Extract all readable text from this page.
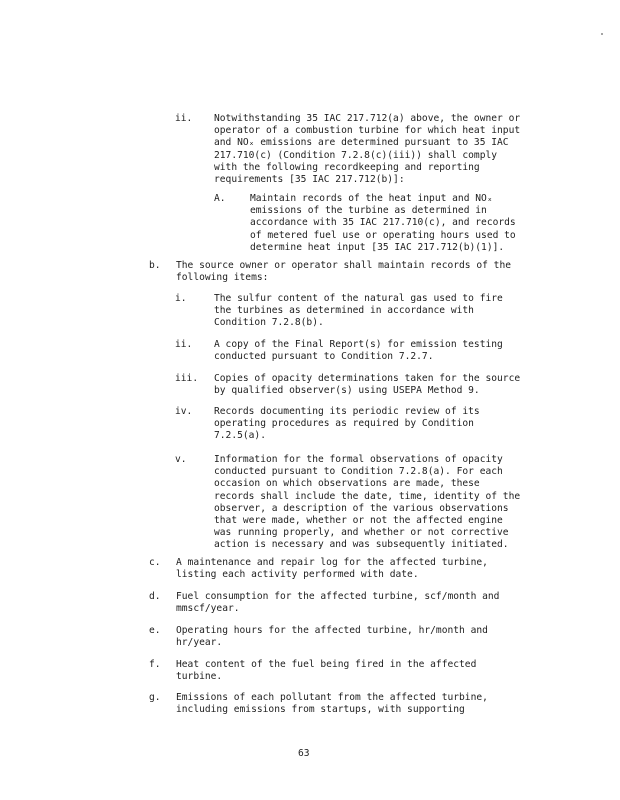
ii. Notwithstanding 35 IAC 217.712(a) above, the owner or
operator of a combustion turbine for which heat input
and NOₓ emissions are determined pursuant to 35 IAC
217.710(c) (Condition 7.2.8(c)(iii)) shall comply
with the following recordkeeping and reporting
requirements [35 IAC 217.712(b)]:
A.	Maintain records of the heat input and NOₓ
emissions of the turbine as determined in
accordance with 35 IAC 217.710(c), and records
of metered fuel use or operating hours used to
determine heat input [35 IAC 217.712(b)(1)].
b. The source owner or operator shall maintain records of the
following items:
i.	The sulfur content of the natural gas used to fire
the turbines as determined in accordance with
Condition 7.2.8(b).
ii. A copy of the Final Report(s) for emission testing
conducted pursuant to Condition 7.2.7.
iii. Copies of opacity determinations taken for the source
by qualified observer(s) using USEPA Method 9.
iv. Records documenting its periodic review of its
operating procedures as required by Condition
7.2.5(a).
v.	Information for the formal observations of opacity
conducted pursuant to Condition 7.2.8(a). For each
occasion on which observations are made, these
records shall include the date, time, identity of the
observer, a description of the various observations
that were made, whether or not the affected engine
was running properly, and whether or not corrective
action is necessary and was subsequently initiated.
c. A maintenance and repair log for the affected turbine,
listing each activity performed with date.
d. Fuel consumption for the affected turbine, scf/month and
mmscf/year.
e. Operating hours for the affected turbine, hr/month and
hr/year.
f. Heat content of the fuel being fired in the affected
turbine.
g. Emissions of each pollutant from the affected turbine,
including emissions from startups, with supporting
63
